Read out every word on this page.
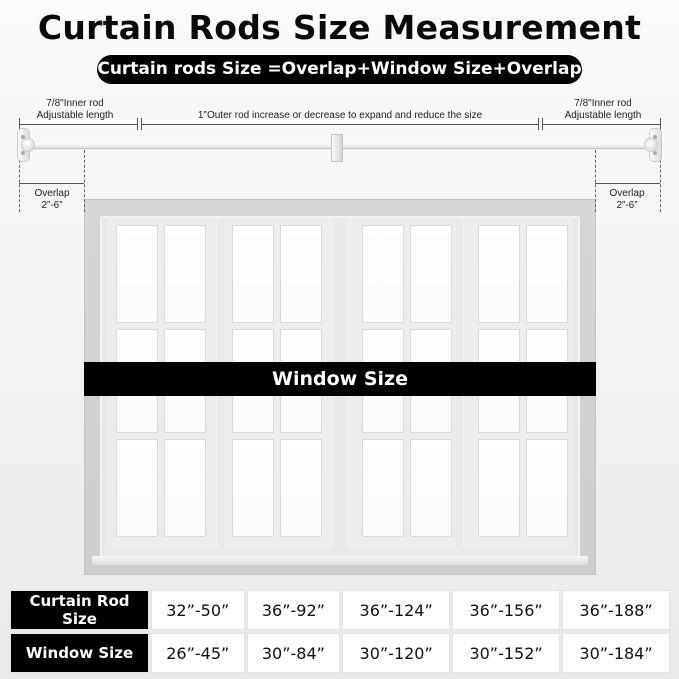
Curtain Rods Size Measurement
Curtain rods Size =Overlap+Window Size+Overlap
7/8"Inner rod
Adjustable length	1"Outer rod increase or decrease to expand and reduce the size
7/8"Inner rod
Adjustable length
Overlap
2”-6”
Overlap
2”-6”
Window Size
Curtain Rod Size	32”-50”	36”-92”	36”-124”	36”-156”	36”-188”
Window Size	26”-45”	30”-84”	30”-120”	30”-152”	30”-184”
